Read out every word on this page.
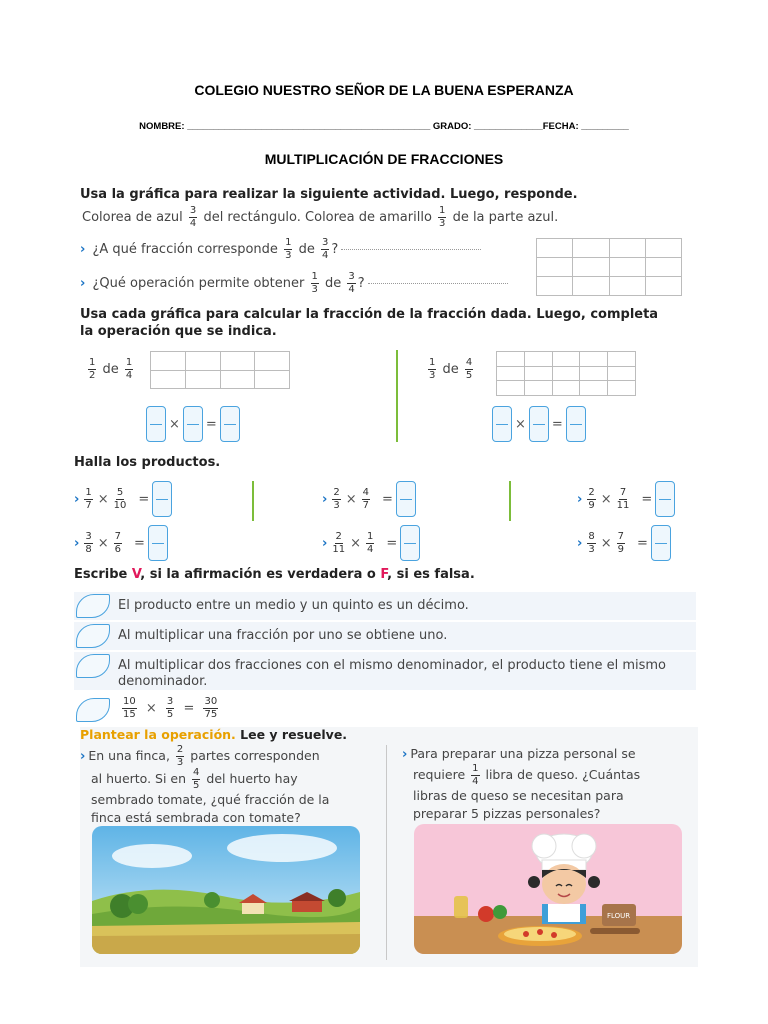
COLEGIO NUESTRO SEÑOR DE LA BUENA ESPERANZA
NOMBRE: ______________________________________________ GRADO: _____________FECHA: _________
MULTIPLICACIÓN DE FRACCIONES
Usa la gráfica para realizar la siguiente actividad. Luego, responde.
Colorea de azul $\frac{3}{4}$ del rectángulo. Colorea de amarillo $\frac{1}{3}$ de la parte azul.
› ¿A qué fracción corresponde $\frac{1}{3}$ de $\frac{3}{4}$ ?
› ¿Qué operación permite obtener $\frac{1}{3}$ de $\frac{3}{4}$ ?

Usa cada gráfica para calcular la fracción de la fracción dada. Luego, completa
la operación que se indica.
$\frac{1}{2}$ de $\frac{1}{4}$

× =
$\frac{1}{3}$ de $\frac{4}{5}$

× =
Halla los productos.
› $\frac{1}{7} \times \frac{5}{10}$ =	› $\frac{2}{3} \times \frac{4}{7}$ =	› $\frac{2}{9} \times \frac{7}{11}$ =
› $\frac{3}{8} \times \frac{7}{6}$ =	› $\frac{2}{11} \times \frac{1}{4}$ =	› $\frac{8}{3} \times \frac{7}{9}$ =
Escribe V, si la afirmación es verdadera o F, si es falsa.
El producto entre un medio y un quinto es un décimo.
Al multiplicar una fracción por uno se obtiene uno.
Al multiplicar dos fracciones con el mismo denominador, el producto tiene el mismo
denominador.
$\frac{10}{15} \times \frac{3}{5} = \frac{30}{75}$
Plantear la operación. Lee y resuelve.
› En una finca, $\frac{2}{3}$ partes corresponden
al huerto. Si en $\frac{4}{5}$ del huerto hay
sembrado tomate, ¿qué fracción de la
finca está sembrada con tomate?
› Para preparar una pizza personal se
requiere $\frac{1}{4}$ libra de queso. ¿Cuántas
libras de queso se necesitan para
preparar 5 pizzas personales?
FLOUR
